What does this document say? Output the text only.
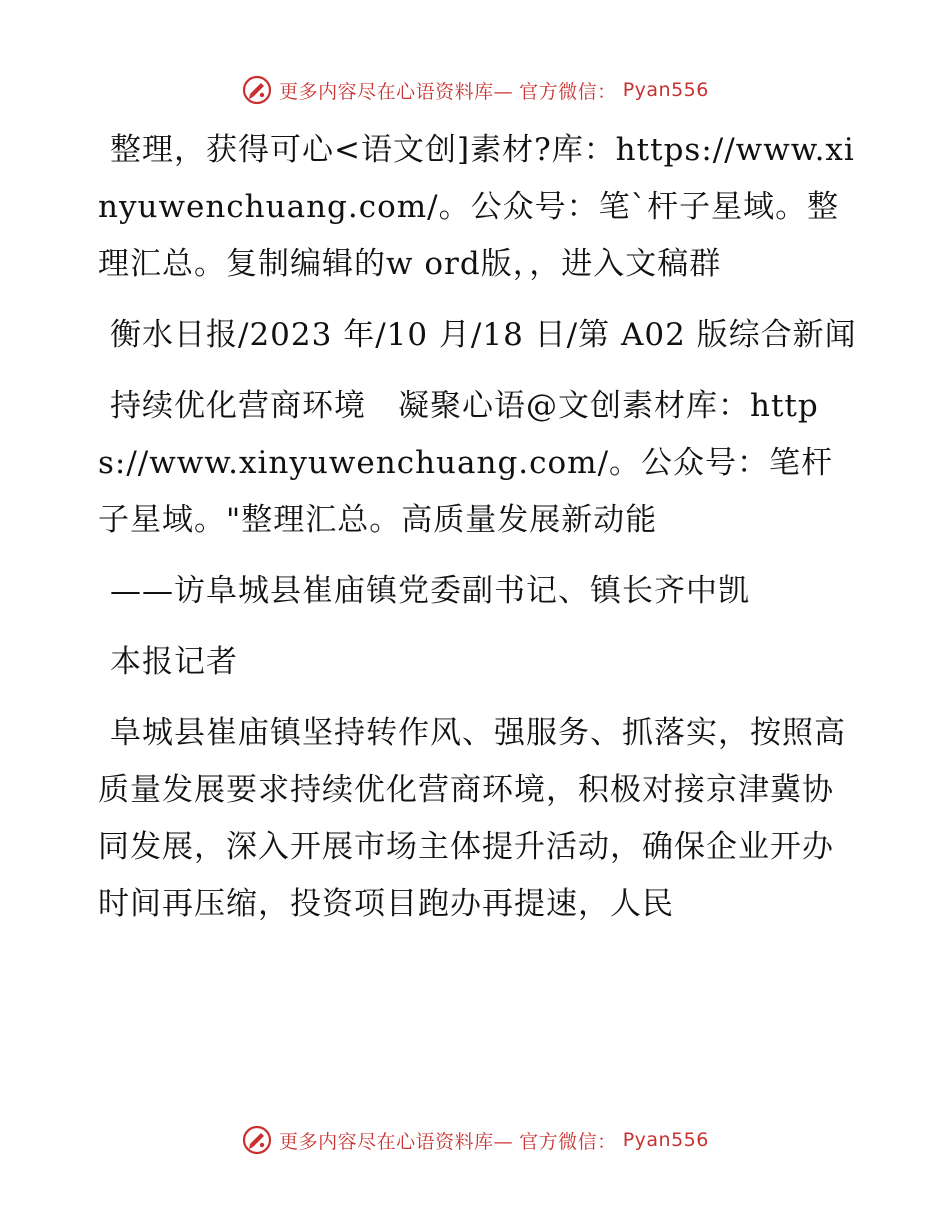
更多内容尽在心语资料库— 官方微信： Pyan556

整理，获得可心<语文创]素材?库：https://www.xinyuwenchuang.com/。公众号：笔`杆子星域。整理汇总。复制编辑的w ord版，，进入文稿群

衡水日报/2023 年/10 月/18 日/第 A02 版综合新闻

持续优化营商环境　凝聚心语@文创素材库：https://www.xinyuwenchuang.com/。公众号：笔杆子星域。"整理汇总。高质量发展新动能

——访阜城县崔庙镇党委副书记、镇长齐中凯

本报记者

阜城县崔庙镇坚持转作风、强服务、抓落实，按照高质量发展要求持续优化营商环境，积极对接京津冀协同发展，深入开展市场主体提升活动，确保企业开办时间再压缩，投资项目跑办再提速，人民

更多内容尽在心语资料库— 官方微信： Pyan556
